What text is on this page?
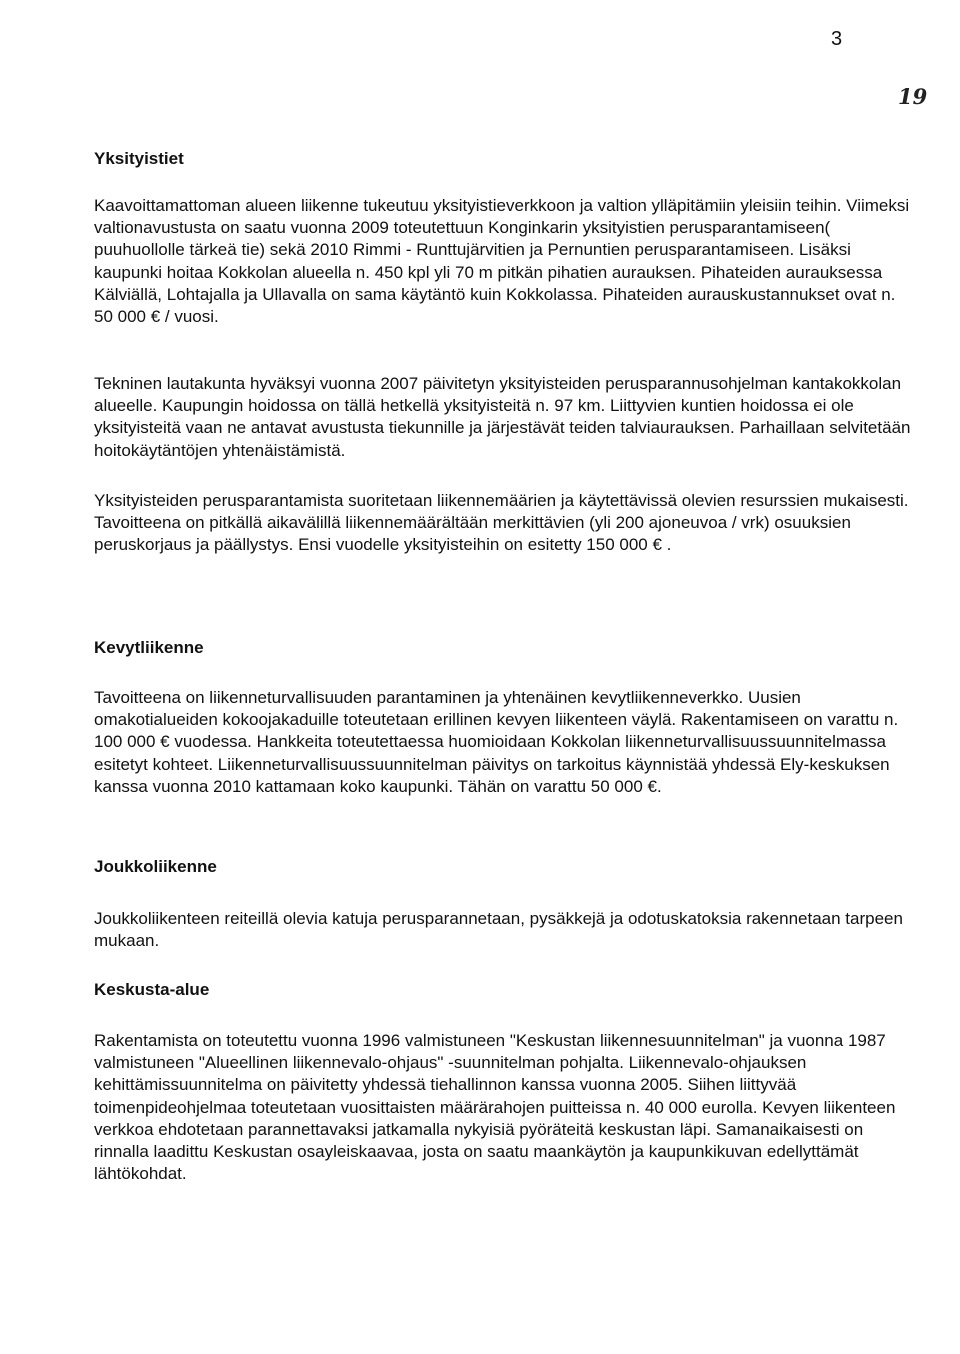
3
19
Yksityistiet

Kaavoittamattoman alueen liikenne tukeutuu yksityistieverkkoon ja valtion ylläpitämiin yleisiin teihin. Viimeksi valtionavustusta on saatu vuonna 2009 toteutettuun Konginkarin yksityistien perusparantamiseen( puuhuollolle tärkeä tie) sekä 2010 Rimmi - Runttujärvitien ja Pernuntien perusparantamiseen. Lisäksi kaupunki hoitaa Kokkolan alueella n. 450 kpl yli 70 m pitkän pihatien aurauksen. Pihateiden aurauksessa Kälviällä, Lohtajalla ja Ullavalla on sama käytäntö kuin Kokkolassa. Pihateiden aurauskustannukset ovat n. 50 000 € / vuosi.

Tekninen lautakunta hyväksyi vuonna 2007 päivitetyn yksityisteiden perusparannusohjelman kantakokkolan alueelle. Kaupungin hoidossa on tällä hetkellä yksityisteitä n. 97 km. Liittyvien kuntien hoidossa ei ole yksityisteitä vaan ne antavat avustusta tiekunnille ja järjestävät teiden talviaurauksen. Parhaillaan selvitetään hoitokäytäntöjen yhtenäistämistä.

Yksityisteiden perusparantamista suoritetaan liikennemäärien ja käytettävissä olevien resurssien mukaisesti. Tavoitteena on pitkällä aikavälillä liikennemäärältään merkittävien (yli 200 ajoneuvoa / vrk) osuuksien peruskorjaus ja päällystys. Ensi vuodelle yksityisteihin on esitetty 150 000 € .

Kevytliikenne

Tavoitteena on liikenneturvallisuuden parantaminen ja yhtenäinen kevytliikenneverkko. Uusien omakotialueiden kokoojakaduille toteutetaan erillinen kevyen liikenteen väylä. Rakentamiseen on varattu n. 100 000 € vuodessa. Hankkeita toteutettaessa huomioidaan Kokkolan liikenneturvallisuussuunnitelmassa esitetyt kohteet. Liikenneturvallisuussuunnitelman päivitys on tarkoitus käynnistää yhdessä Ely-keskuksen kanssa vuonna 2010 kattamaan koko kaupunki. Tähän on varattu 50 000 €.

Joukkoliikenne

Joukkoliikenteen reiteillä olevia katuja perusparannetaan, pysäkkejä ja odotuskatoksia rakennetaan tarpeen mukaan.

Keskusta-alue

Rakentamista on toteutettu vuonna 1996 valmistuneen "Keskustan liikennesuunnitelman" ja vuonna 1987 valmistuneen "Alueellinen liikennevalo-ohjaus" -suunnitelman pohjalta. Liikennevalo-ohjauksen kehittämissuunnitelma on päivitetty yhdessä tiehallinnon kanssa vuonna 2005. Siihen liittyvää toimenpideohjelmaa toteutetaan vuosittaisten määrärahojen puitteissa n. 40 000 eurolla. Kevyen liikenteen verkkoa ehdotetaan parannettavaksi jatkamalla nykyisiä pyöräteitä keskustan läpi. Samanaikaisesti on rinnalla laadittu Keskustan osayleiskaavaa, josta on saatu maankäytön ja kaupunkikuvan edellyttämät lähtökohdat.
